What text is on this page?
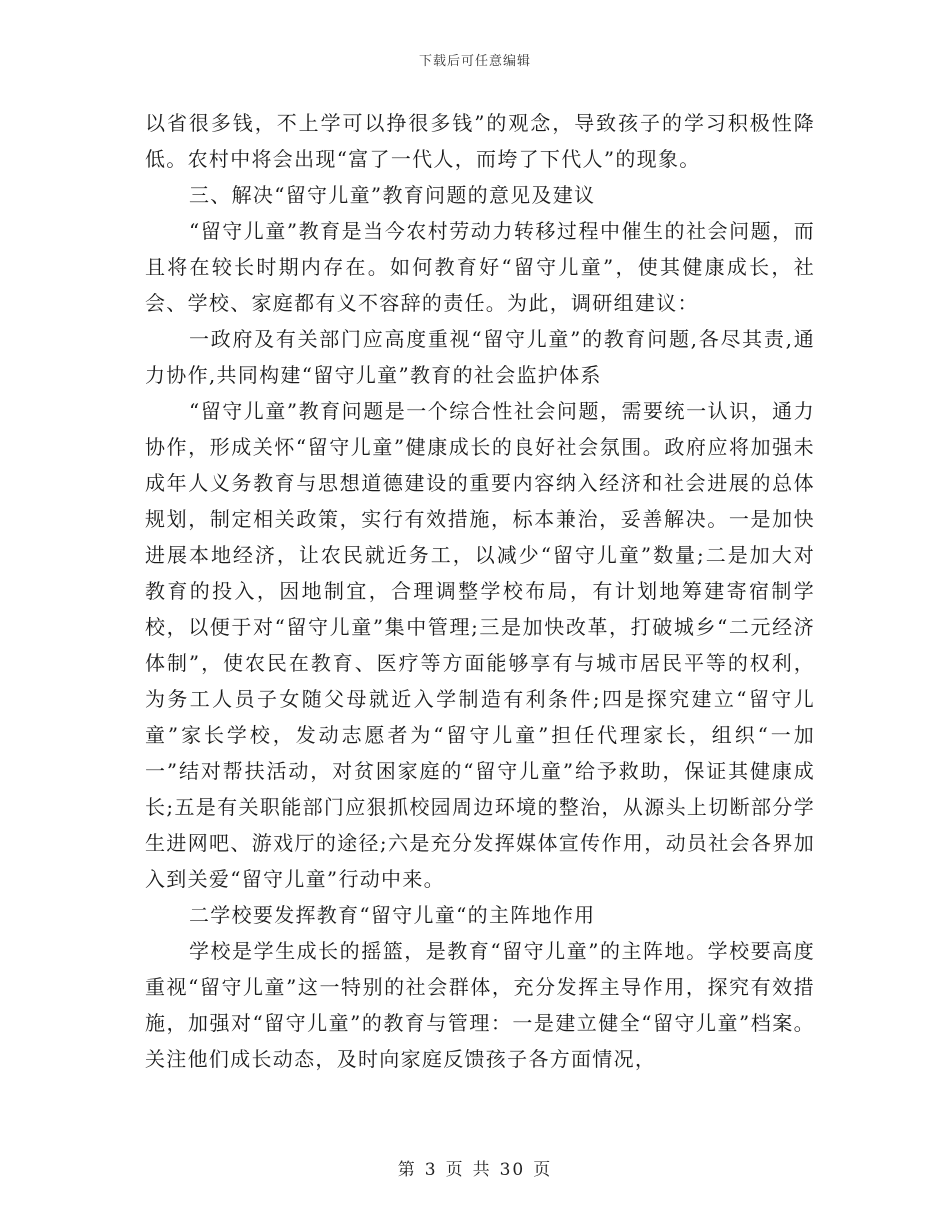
下载后可任意编辑

以省很多钱，不上学可以挣很多钱”的观念，导致孩子的学习积极性降低。农村中将会出现“富了一代人，而垮了下代人”的现象。

三、解决“留守儿童”教育问题的意见及建议

“留守儿童”教育是当今农村劳动力转移过程中催生的社会问题，而且将在较长时期内存在。如何教育好“留守儿童”，使其健康成长，社会、学校、家庭都有义不容辞的责任。为此，调研组建议：

一政府及有关部门应高度重视“留守儿童”的教育问题,各尽其责,通力协作,共同构建“留守儿童”教育的社会监护体系

“留守儿童”教育问题是一个综合性社会问题，需要统一认识，通力协作，形成关怀“留守儿童”健康成长的良好社会氛围。政府应将加强未成年人义务教育与思想道德建设的重要内容纳入经济和社会进展的总体规划，制定相关政策，实行有效措施，标本兼治，妥善解决。一是加快进展本地经济，让农民就近务工，以减少“留守儿童”数量;二是加大对教育的投入，因地制宜，合理调整学校布局，有计划地筹建寄宿制学校，以便于对“留守儿童”集中管理;三是加快改革，打破城乡“二元经济体制”，使农民在教育、医疗等方面能够享有与城市居民平等的权利，为务工人员子女随父母就近入学制造有利条件;四是探究建立“留守儿童”家长学校，发动志愿者为“留守儿童”担任代理家长，组织“一加一”结对帮扶活动，对贫困家庭的“留守儿童”给予救助，保证其健康成长;五是有关职能部门应狠抓校园周边环境的整治，从源头上切断部分学生进网吧、游戏厅的途径;六是充分发挥媒体宣传作用，动员社会各界加入到关爱“留守儿童”行动中来。

二学校要发挥教育“留守儿童“的主阵地作用

学校是学生成长的摇篮，是教育“留守儿童”的主阵地。学校要高度重视“留守儿童”这一特别的社会群体，充分发挥主导作用，探究有效措施，加强对“留守儿童”的教育与管理：一是建立健全“留守儿童”档案。关注他们成长动态，及时向家庭反馈孩子各方面情况，

第 3 页 共 30 页
